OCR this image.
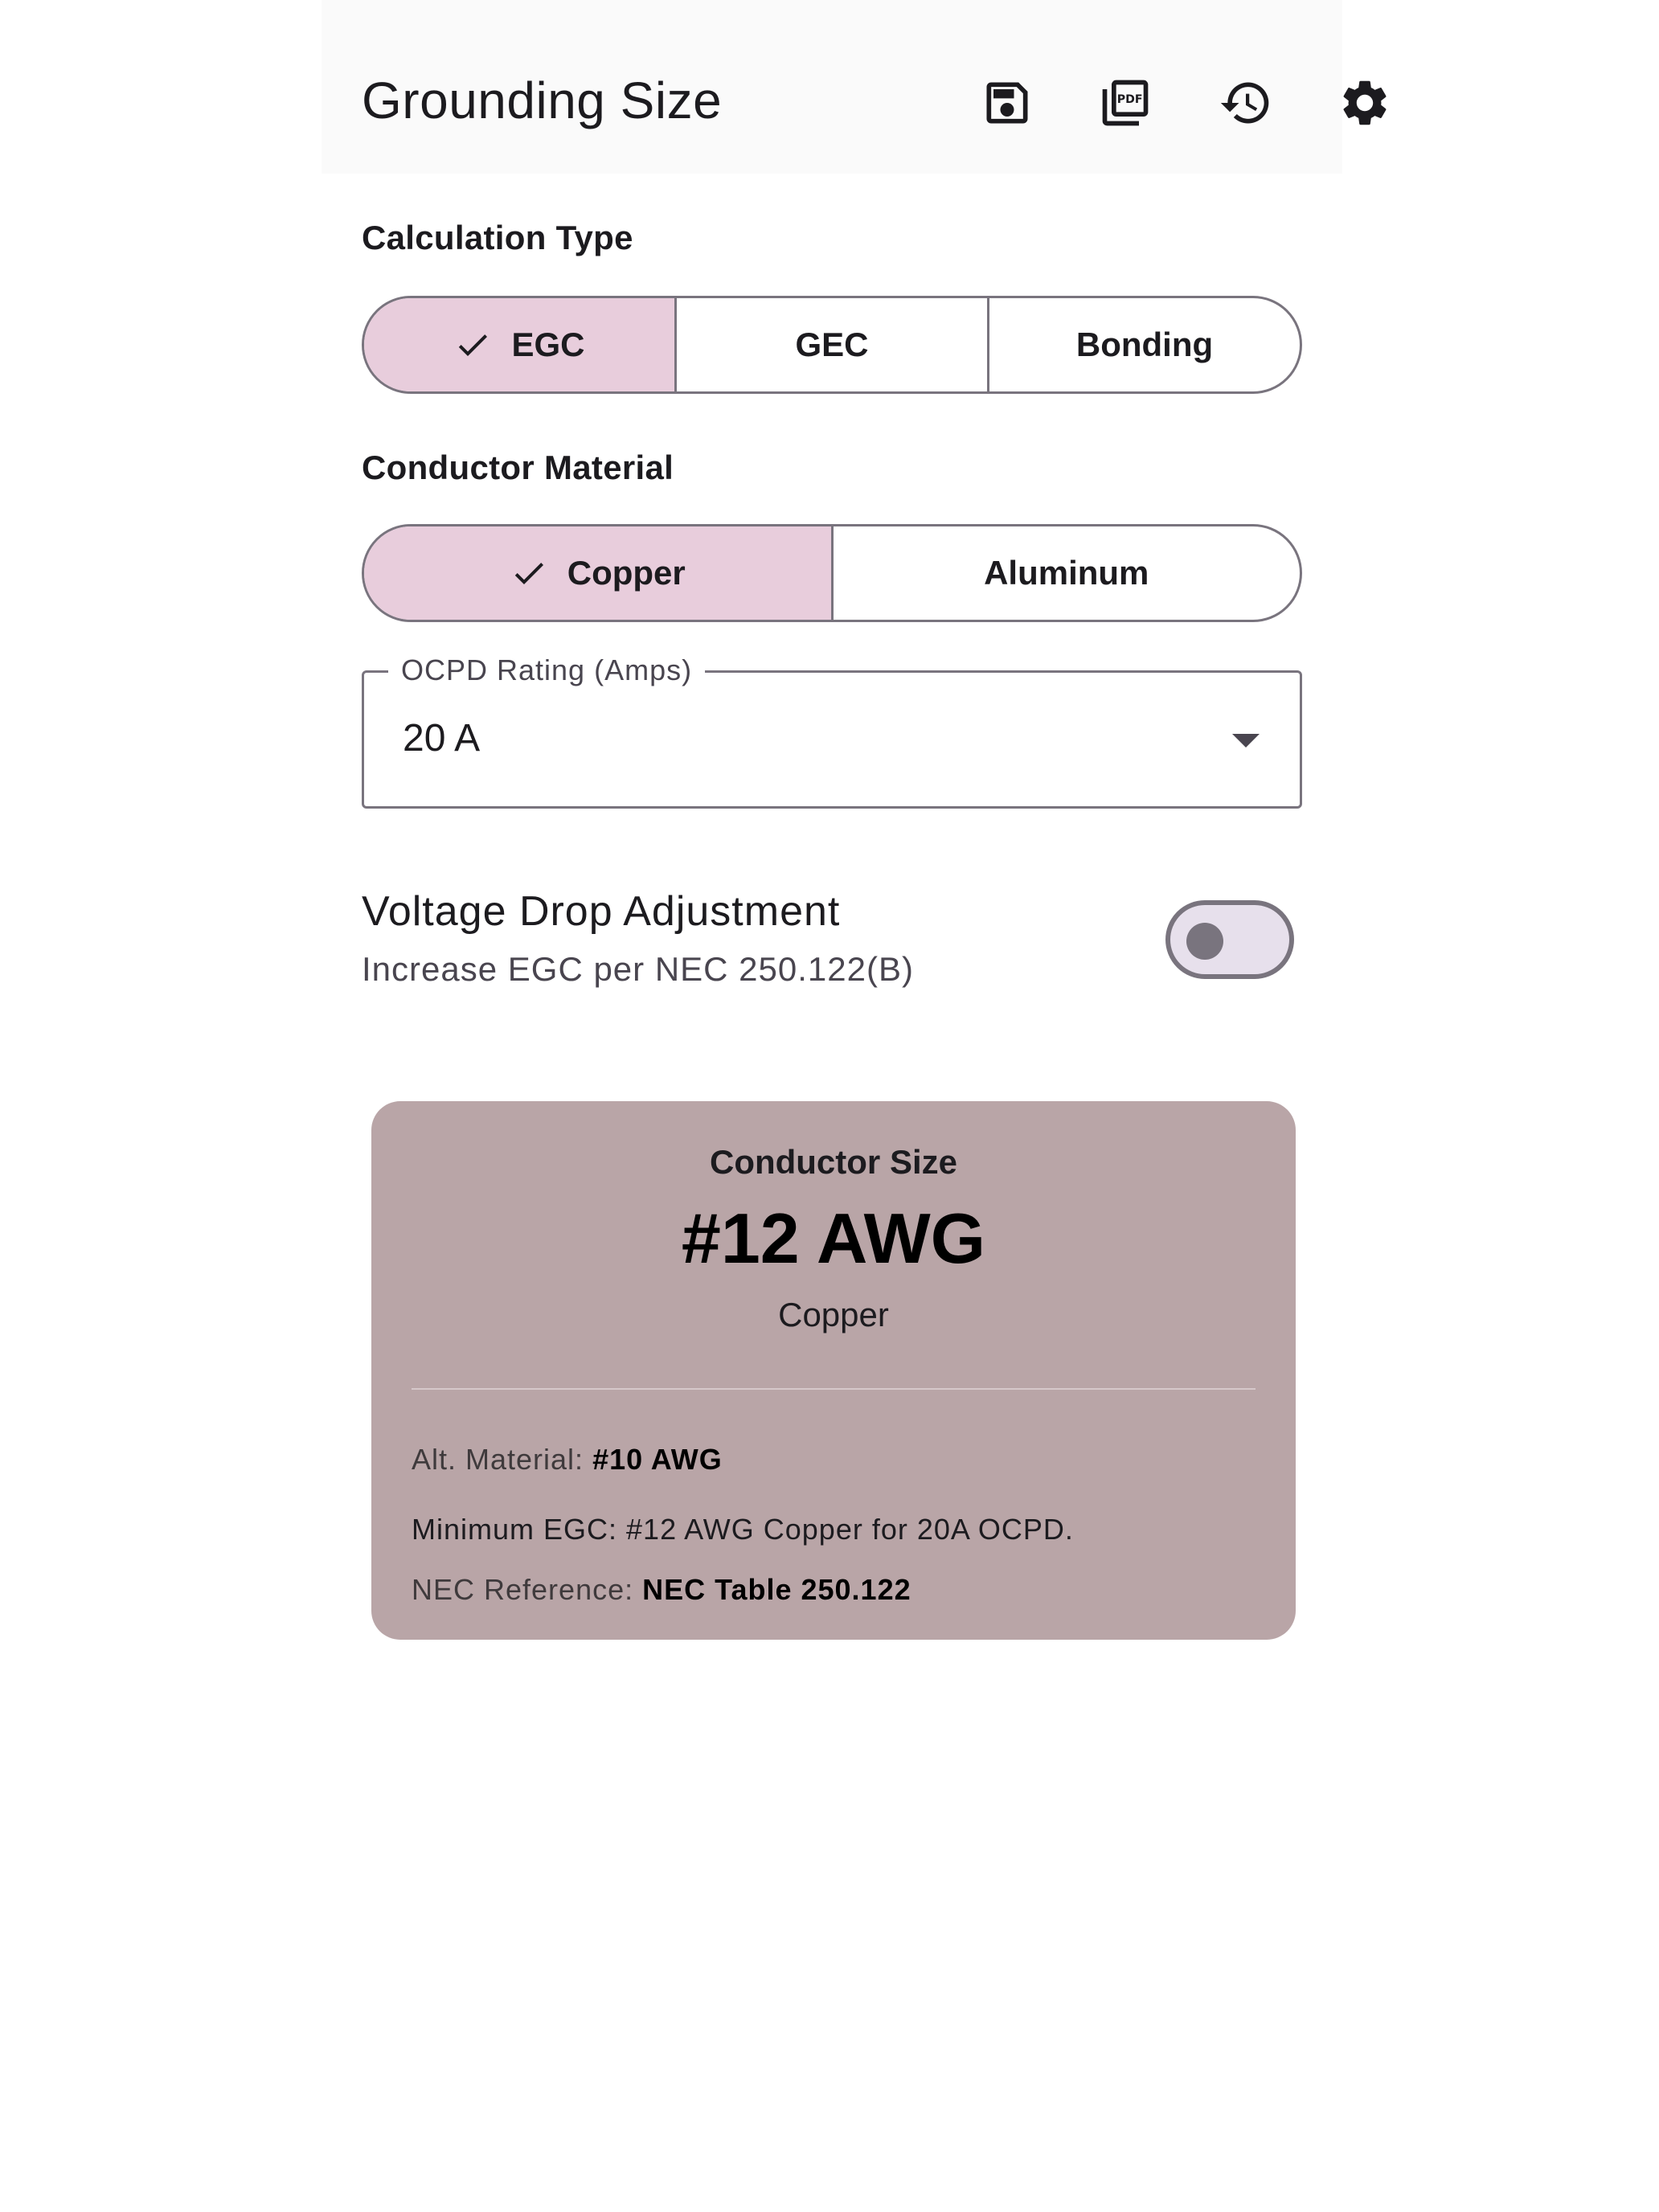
Grounding Size	PDF
Calculation Type
EGC	GEC	Bonding
Conductor Material
Copper	Aluminum
OCPD Rating (Amps)
20 A
Voltage Drop Adjustment
Increase EGC per NEC 250.122(B)
Conductor Size
#12 AWG
Copper
Alt. Material: #10 AWG
Minimum EGC: #12 AWG Copper for 20A OCPD.
NEC Reference: NEC Table 250.122
